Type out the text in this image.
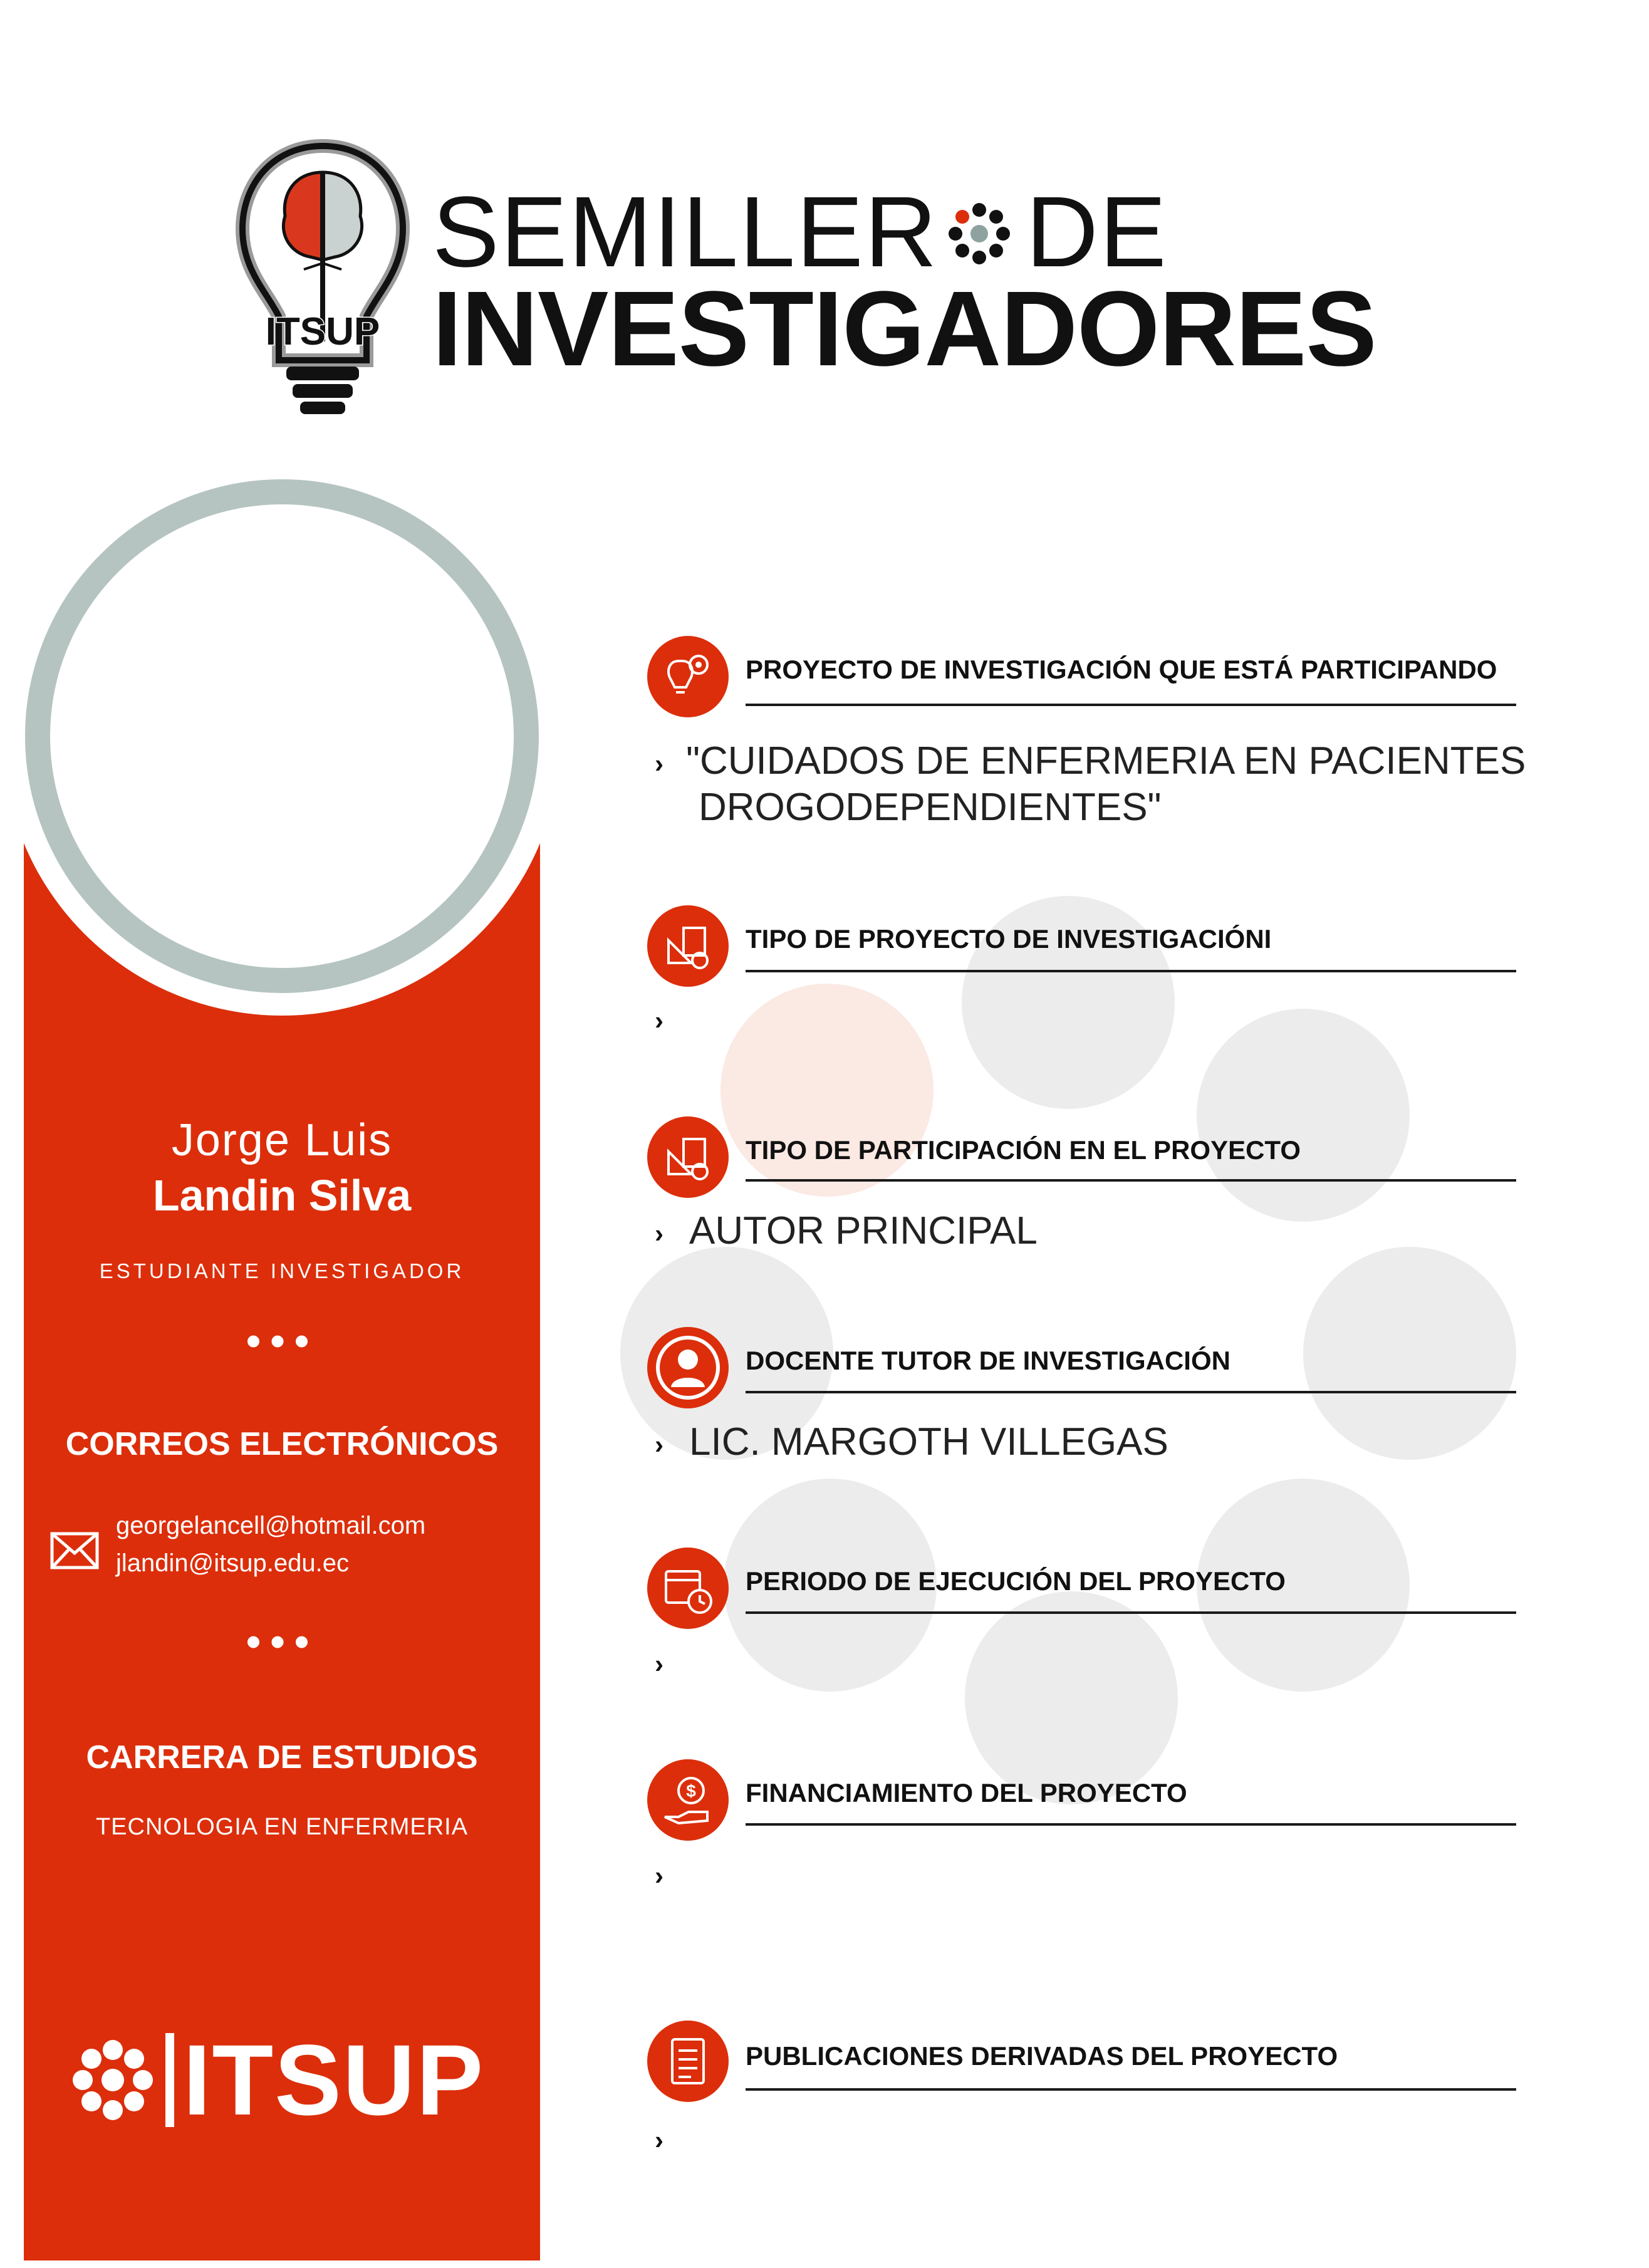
ITSUP
SEMILLER DE
INVESTIGADORES
Jorge Luis
Landin Silva
ESTUDIANTE INVESTIGADOR
•••
CORREOS ELECTRÓNICOS
georgelancell@hotmail.com
jlandin@itsup.edu.ec
•••
CARRERA DE ESTUDIOS
TECNOLOGIA EN ENFERMERIA
ITSUP
PROYECTO DE INVESTIGACIÓN QUE ESTÁ PARTICIPANDO
› "CUIDADOS DE ENFERMERIA EN PACIENTES
DROGODEPENDIENTES"
TIPO DE PROYECTO DE INVESTIGACIÓNI
›
TIPO DE PARTICIPACIÓN EN EL PROYECTO
› AUTOR PRINCIPAL
DOCENTE TUTOR DE INVESTIGACIÓN
› LIC. MARGOTH VILLEGAS
PERIODO DE EJECUCIÓN DEL PROYECTO
›
$ FINANCIAMIENTO DEL PROYECTO
›
PUBLICACIONES DERIVADAS DEL PROYECTO
›
